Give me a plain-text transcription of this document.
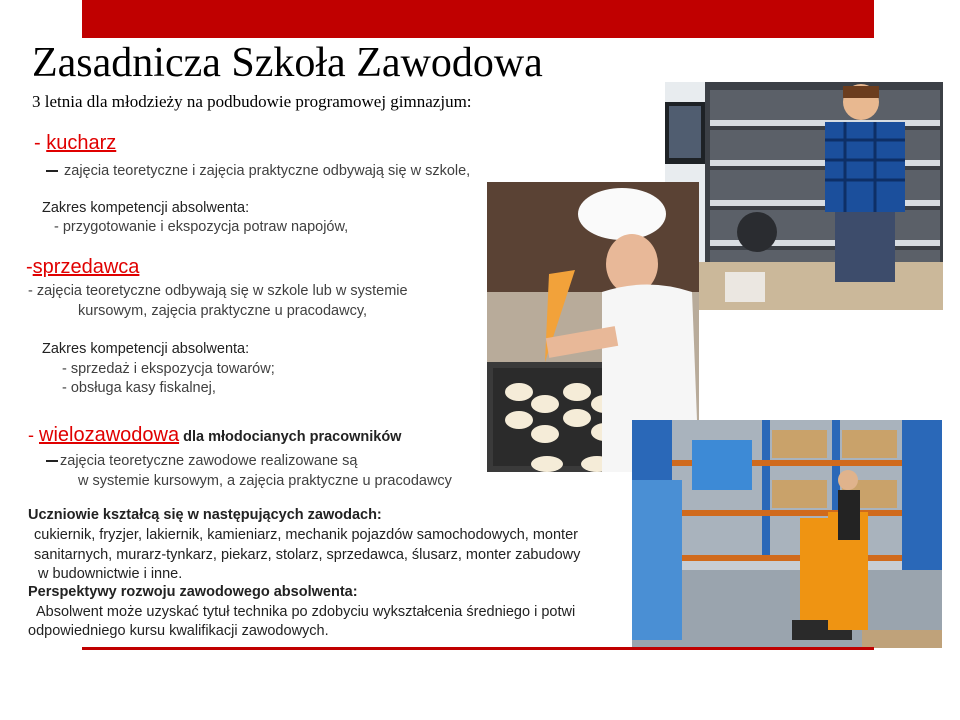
Zasadnicza Szkoła Zawodowa
3 letnia dla młodzieży na podbudowie programowej gimnazjum:
- kucharz
zajęcia teoretyczne i zajęcia praktyczne odbywają się w szkole,
Zakres kompetencji absolwenta:
- przygotowanie i ekspozycja potraw napojów,
-sprzedawca
- zajęcia teoretyczne odbywają się w szkole lub w systemie
kursowym, zajęcia praktyczne u pracodawcy,
Zakres kompetencji absolwenta:
- sprzedaż i ekspozycja towarów;
- obsługa kasy fiskalnej,
- wielozawodowa dla młodocianych pracowników
zajęcia teoretyczne zawodowe realizowane są
w systemie kursowym, a zajęcia praktyczne u pracodawcy
Uczniowie kształcą się w następujących zawodach:
cukiernik, fryzjer, lakiernik, kamieniarz, mechanik pojazdów samochodowych, monter
sanitarnych, murarz-tynkarz, piekarz, stolarz, sprzedawca, ślusarz, monter zabudowy
w budownictwie i inne.
Perspektywy rozwoju zawodowego absolwenta:
Absolwent może uzyskać tytuł technika po zdobyciu wykształcenia średniego i potwi
odpowiedniego kursu kwalifikacji zawodowych.
